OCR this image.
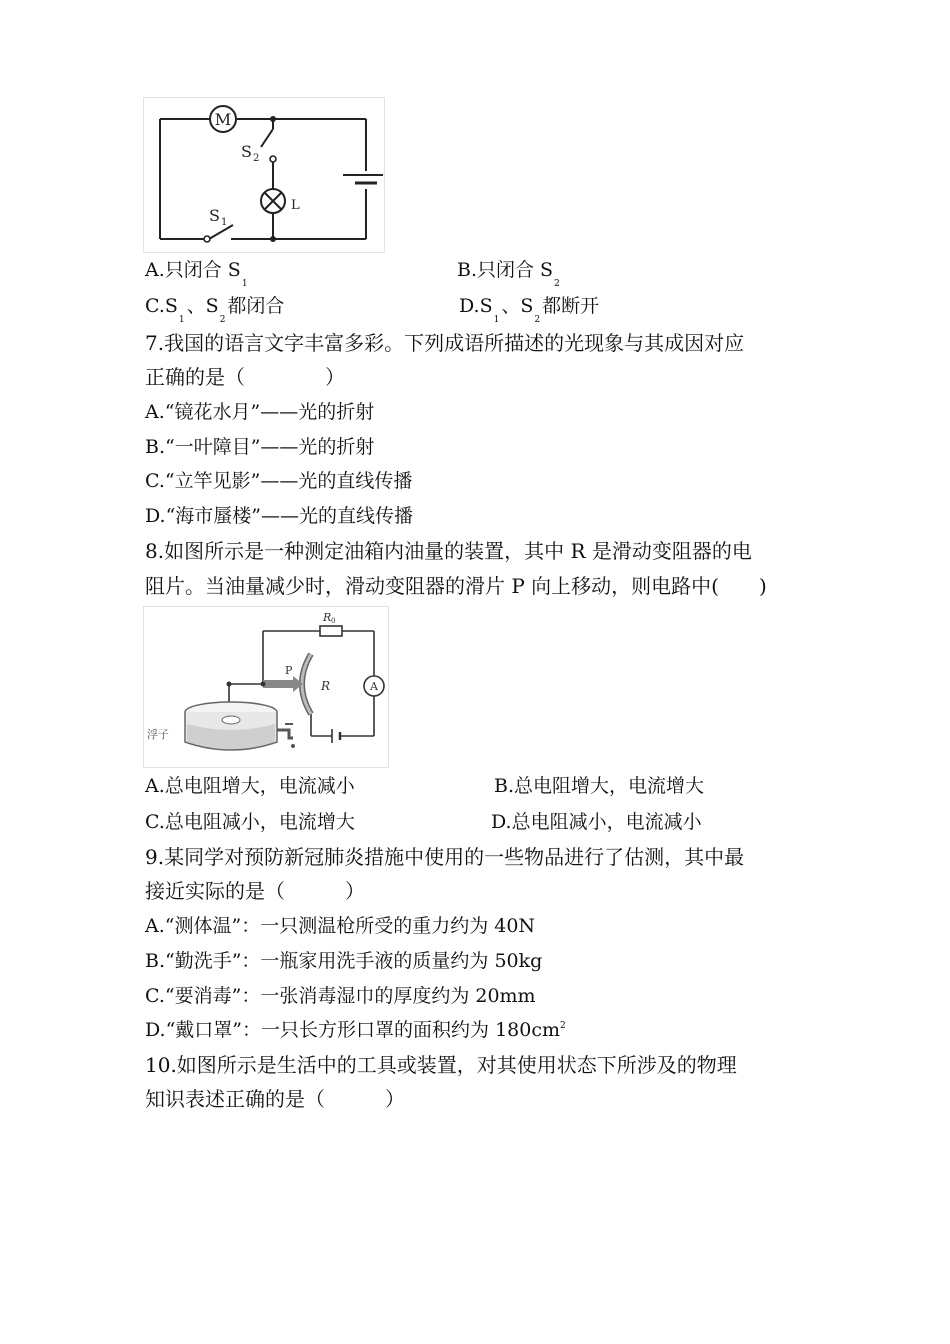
M
L
S 2
S 1
A.只闭合 $S_1$
B.只闭合 $S_2$
$C.S_1$、$S_2$都闭合	$D.S_1$、$S_2$都断开
7.我国的语言文字丰富多彩。下列成语所描述的光现象与其成因对应
正确的是（　　　　）
A.“镜花水月”——光的折射
B.“一叶障目”——光的折射
C.“立竿见影”——光的直线传播
D.“海市蜃楼”——光的直线传播
8.如图所示是一种测定油箱内油量的装置，其中 R 是滑动变阻器的电
阻片。当油量减少时，滑动变阻器的滑片 P 向上移动，则电路中(　　)
R 0
A
R
P
浮子
A.总电阻增大，电流减小	B.总电阻增大，电流增大
C.总电阻减小，电流增大	D.总电阻减小，电流减小
9.某同学对预防新冠肺炎措施中使用的一些物品进行了估测，其中最
接近实际的是（　　　）
A.“测体温”：一只测温枪所受的重力约为 40N
B.“勤洗手”：一瓶家用洗手液的质量约为 50kg
C.“要消毒”：一张消毒湿巾的厚度约为 20mm
D.“戴口罩”：一只长方形口罩的面积约为 $180cm^2$
10.如图所示是生活中的工具或装置，对其使用状态下所涉及的物理
知识表述正确的是（　　　）
